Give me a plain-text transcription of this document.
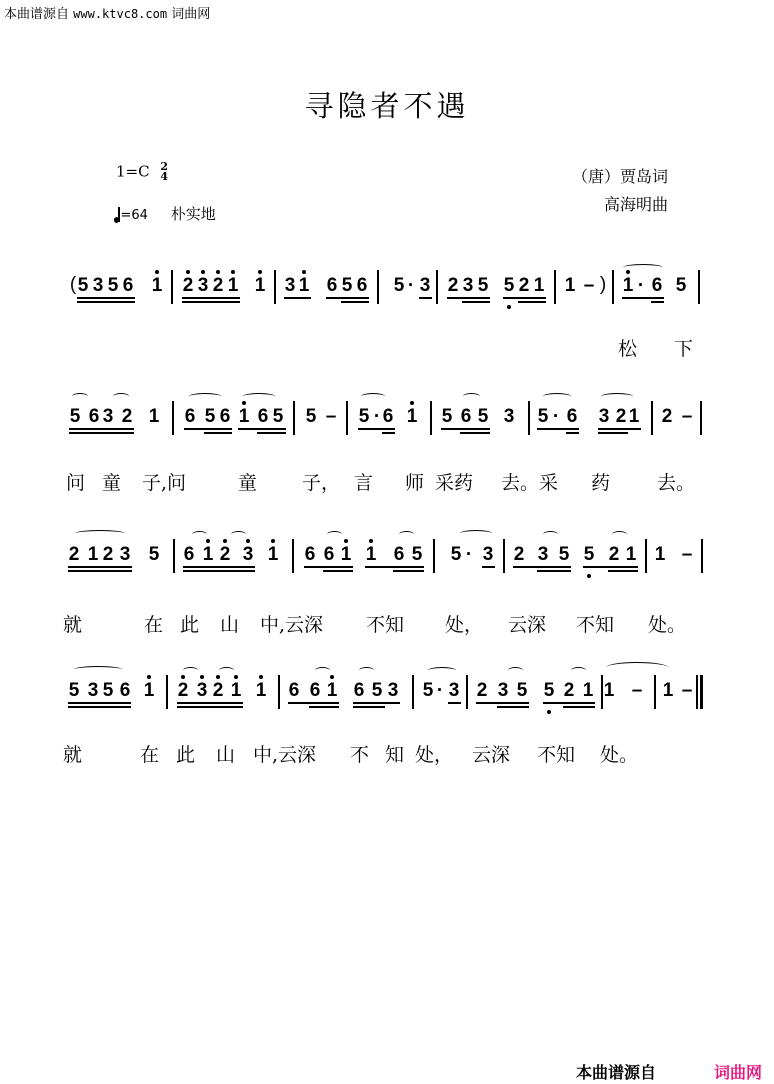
本曲谱源自 www.ktvc8.com 词曲网
寻隐者不遇
1=C 2
4
=64 朴实地
（唐）贾岛词
高海明曲
( 5 3 5 6 1 2 3 2 1 1 3 1 6 5 6 5 · 3 2 3 5 5 2 1 1 – ) 1 · 6 5
松 下
5 6 3 2 1 6 5 6 1 6 5 5 – 5 · 6 1 5 6 5 3 5 · 6 3 2 1 2 –
问 童 子,问	童 子， 言 师 采药 去。采 药 去。
2 1 2 3 5 6 1 2 3 1 6 6 1 1 6 5 5 · 3 2 3 5 5 2 1 1 –
就	在 此 山 中,云深 不知 处， 云深 不知 处。
5 3 5 6 1 2 3 2 1 1 6 6 1 6 5 3 5 · 3 2 3 5 5 2 1 1 – 1 –
就	在 此 山 中,云深 不 知 处， 云深 不知 处。
本曲谱源自	词曲网
